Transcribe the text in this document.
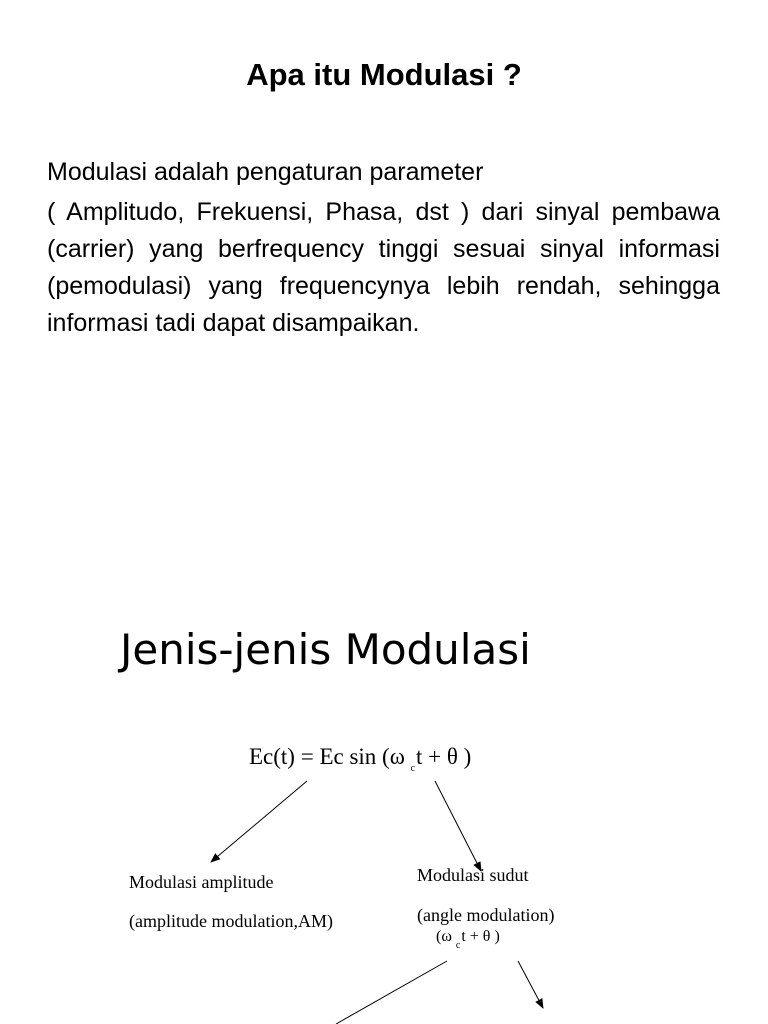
Apa itu Modulasi ?
Modulasi adalah pengaturan parameter
( Amplitudo, Frekuensi, Phasa, dst ) dari sinyal pembawa (carrier) yang berfrequency tinggi sesuai sinyal informasi (pemodulasi) yang frequencynya lebih rendah, sehingga informasi tadi dapat disampaikan.
Jenis-jenis Modulasi
Ec(t) = Ec sin (ω $_c$t + θ )
Modulasi amplitude
(amplitude modulation,AM)
Modulasi sudut
(angle modulation)
(ω $_c$t + θ )
